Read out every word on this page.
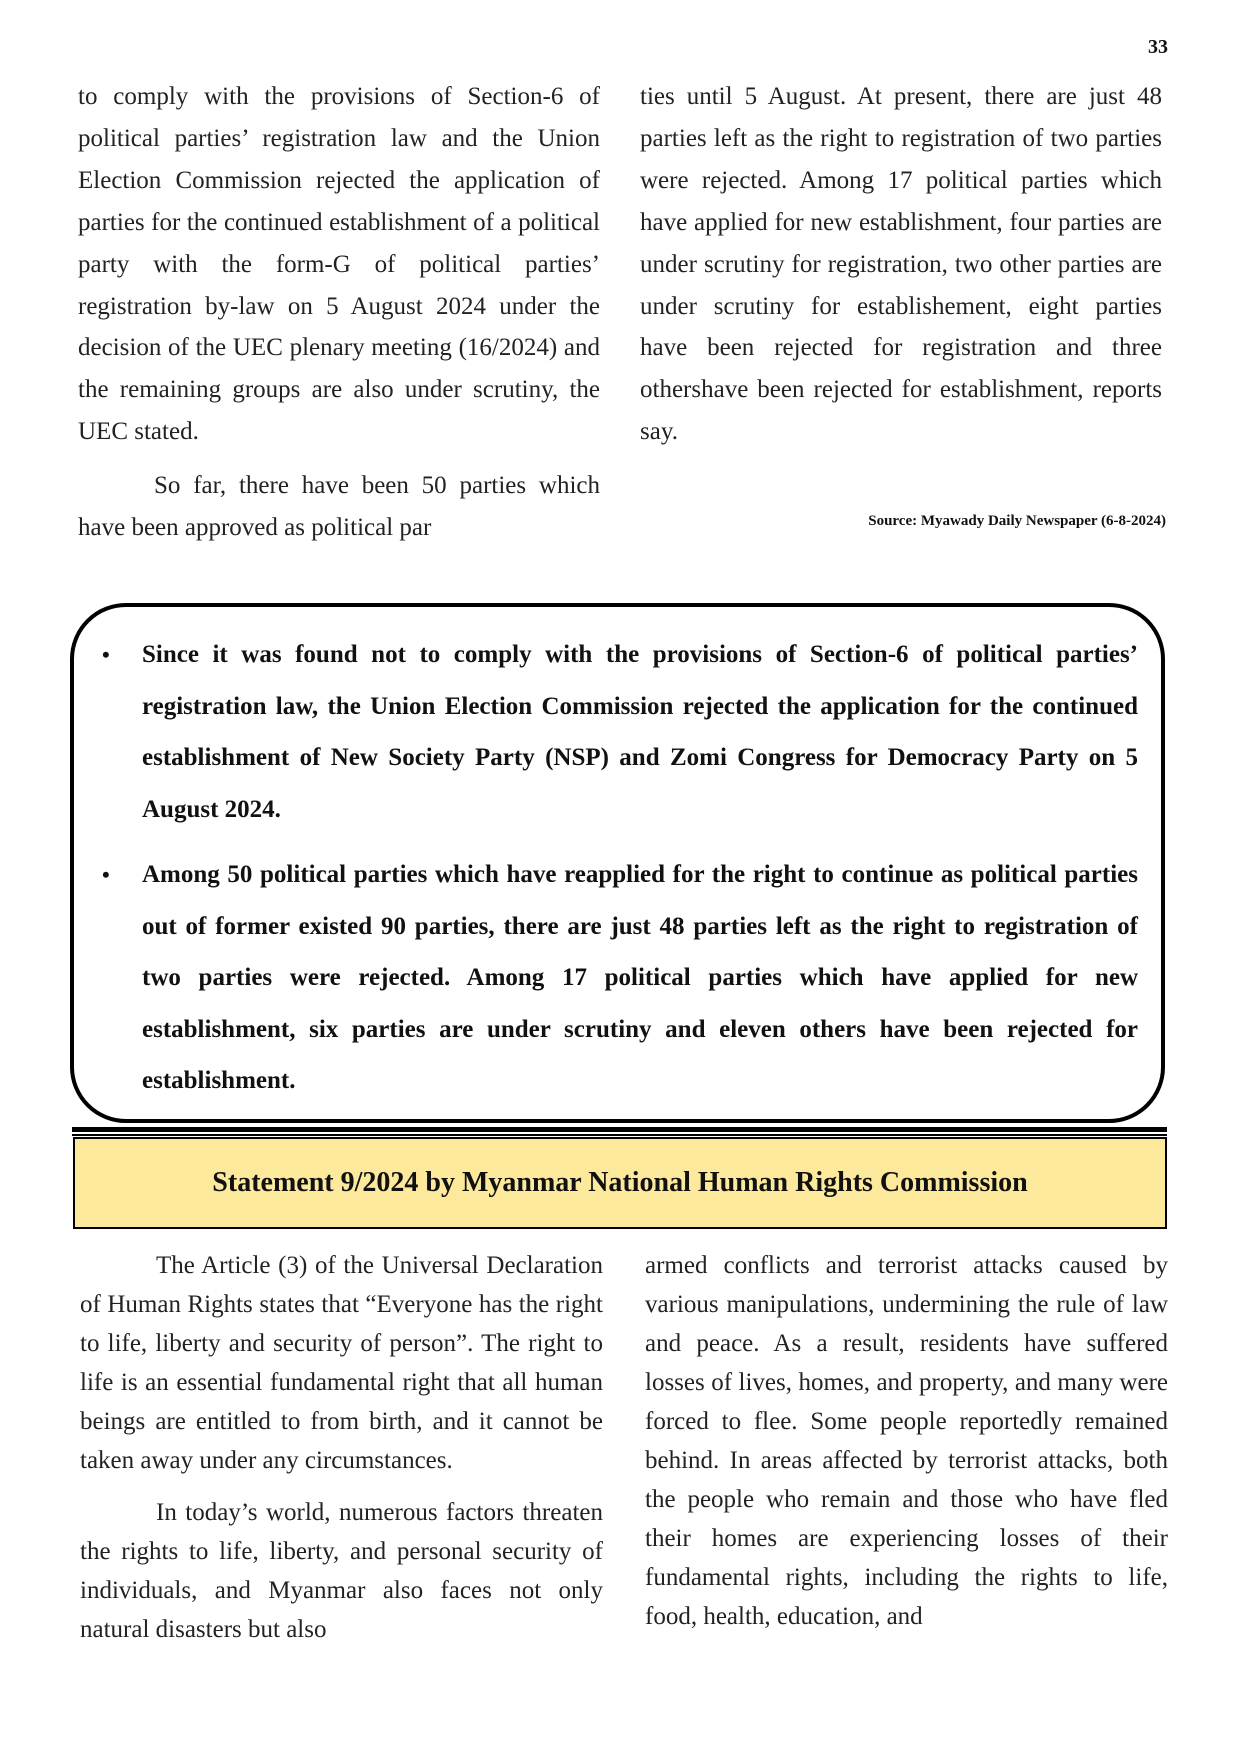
33

to comply with the provisions of Section-6 of political parties’ registration law and the Union Election Commission rejected the application of parties for the continued establishment of a political party with the form-G of political parties’ registration by-law on 5 August 2024 under the decision of the UEC plenary meeting (16/2024) and the remaining groups are also under scrutiny, the UEC stated.

So far, there have been 50 parties which have been approved as political par

ties until 5 August. At present, there are just 48 parties left as the right to registration of two parties were rejected. Among 17 political parties which have applied for new establishment, four parties are under scrutiny for registration, two other parties are under scrutiny for establishement, eight parties have been rejected for registration and three othershave been rejected for establishment, reports say.

Source: Myawady Daily Newspaper (6-8-2024)
• Since it was found not to comply with the provisions of Section-6 of political parties’ registration law, the Union Election Commission rejected the application for the continued establishment of New Society Party (NSP) and Zomi Congress for Democracy Party on 5 August 2024.
• Among 50 political parties which have reapplied for the right to continue as political parties out of former existed 90 parties, there are just 48 parties left as the right to registration of two parties were rejected. Among 17 political parties which have applied for new establishment, six parties are under scrutiny and eleven others have been rejected for establishment.
Statement 9/2024 by Myanmar National Human Rights Commission

The Article (3) of the Universal Declaration of Human Rights states that “Everyone has the right to life, liberty and security of person”. The right to life is an essential fundamental right that all human beings are entitled to from birth, and it cannot be taken away under any circumstances.

In today’s world, numerous factors threaten the rights to life, liberty, and personal security of individuals, and Myanmar also faces not only natural disasters but also

armed conflicts and terrorist attacks caused by various manipulations, undermining the rule of law and peace. As a result, residents have suffered losses of lives, homes, and property, and many were forced to flee. Some people reportedly remained behind. In areas affected by terrorist attacks, both the people who remain and those who have fled their homes are experiencing losses of their fundamental rights, including the rights to life, food, health, education, and
